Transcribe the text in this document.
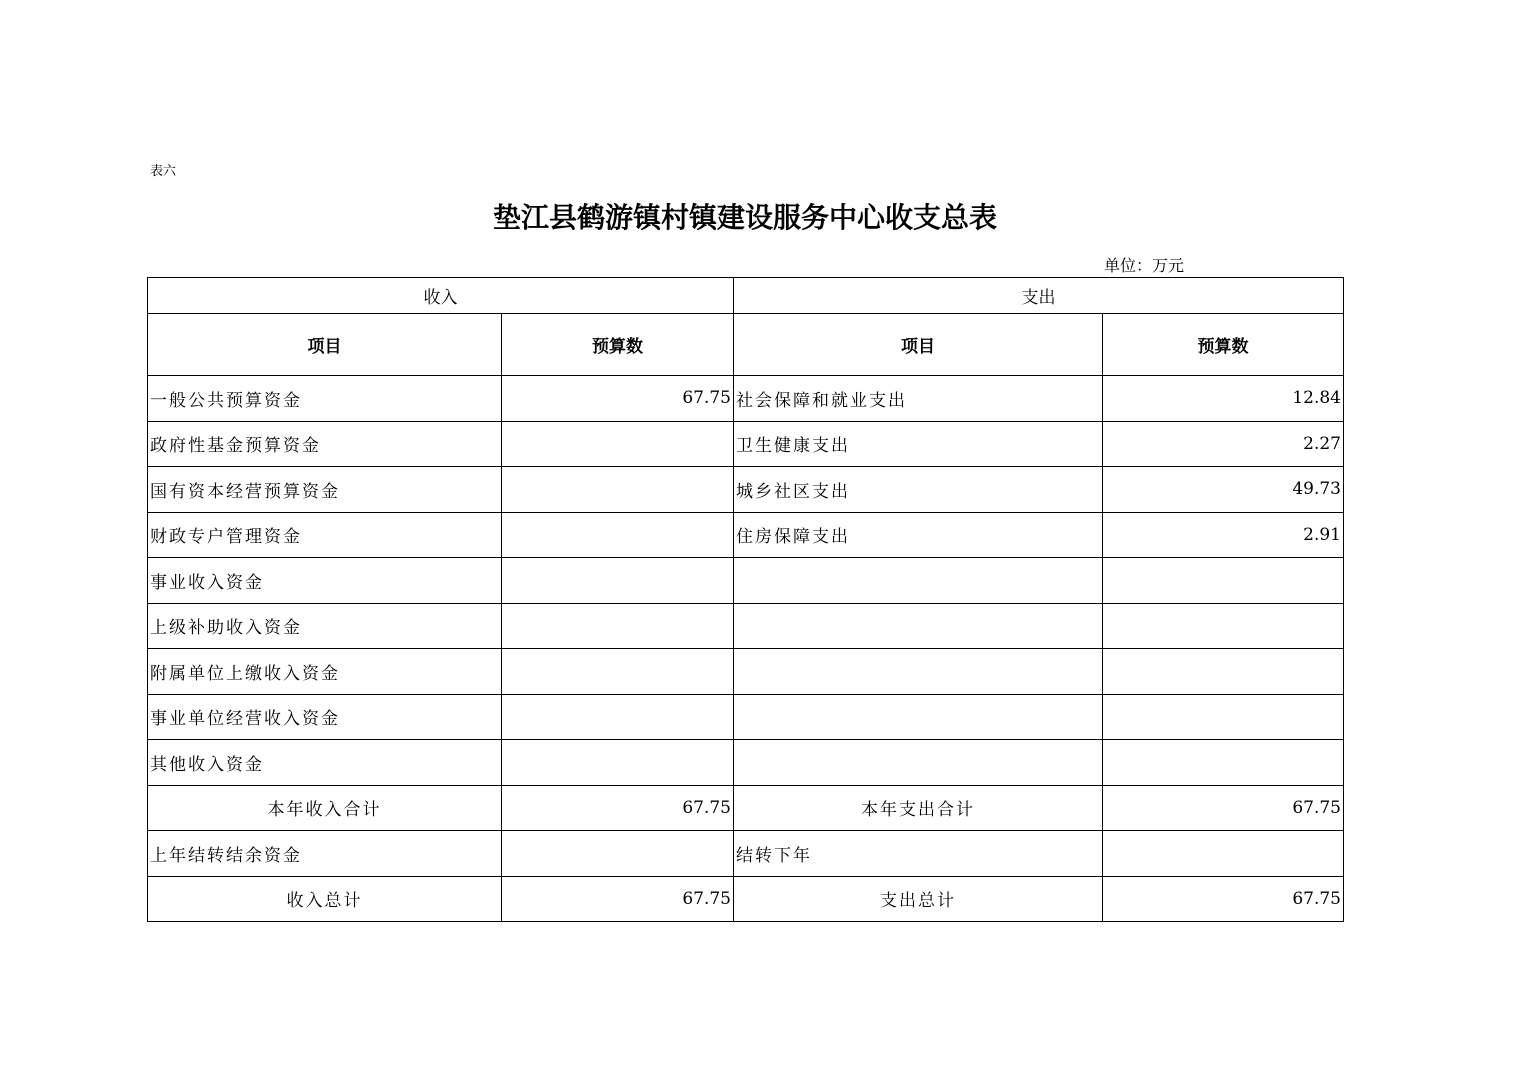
表六
垫江县鹤游镇村镇建设服务中心收支总表
单位：万元
收入		支出	
项目	预算数	项目	预算数
一般公共预算资金	67.75	社会保障和就业支出	12.84
政府性基金预算资金		卫生健康支出	2.27
国有资本经营预算资金		城乡社区支出	49.73
财政专户管理资金		住房保障支出	2.91
事业收入资金			
上级补助收入资金			
附属单位上缴收入资金			
事业单位经营收入资金			
其他收入资金			
本年收入合计	67.75	本年支出合计	67.75
上年结转结余资金		结转下年	
收入总计	67.75	支出总计	67.75
